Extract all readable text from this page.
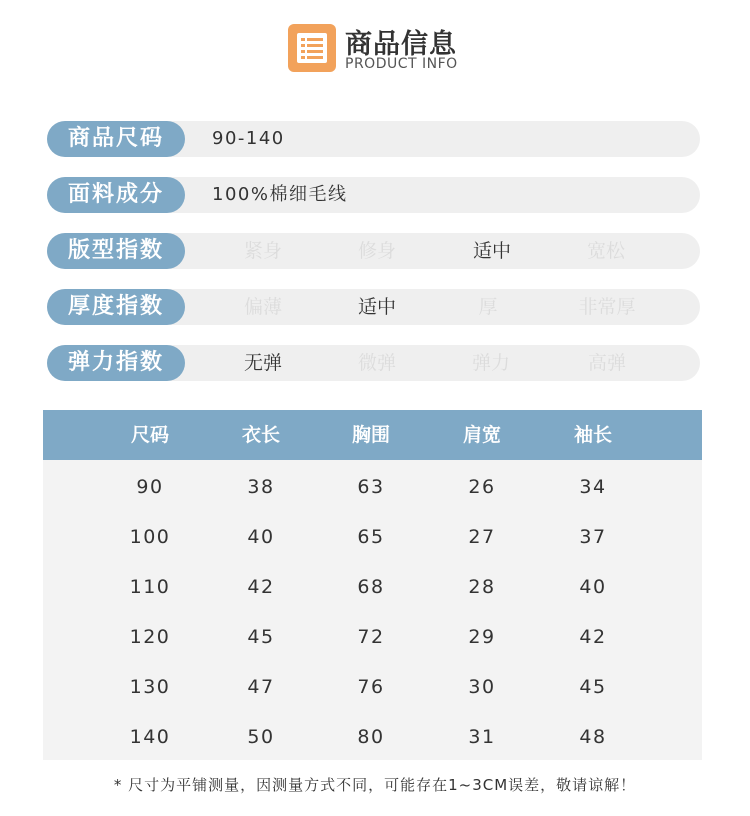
商品信息
PRODUCT INFO
商品尺码	90-140
面料成分	100%棉细毛线
版型指数	紧身	修身	适中	宽松
厚度指数	偏薄	适中	厚	非常厚
弹力指数	无弹	微弹	弹力	高弹
尺码	衣长	胸围	肩宽	袖长
90	38	63	26	34
100	40	65	27	37
110	42	68	28	40
120	45	72	29	42
130	47	76	30	45
140	50	80	31	48
* 尺寸为平铺测量，因测量方式不同，可能存在1~3CM误差，敬请谅解！
